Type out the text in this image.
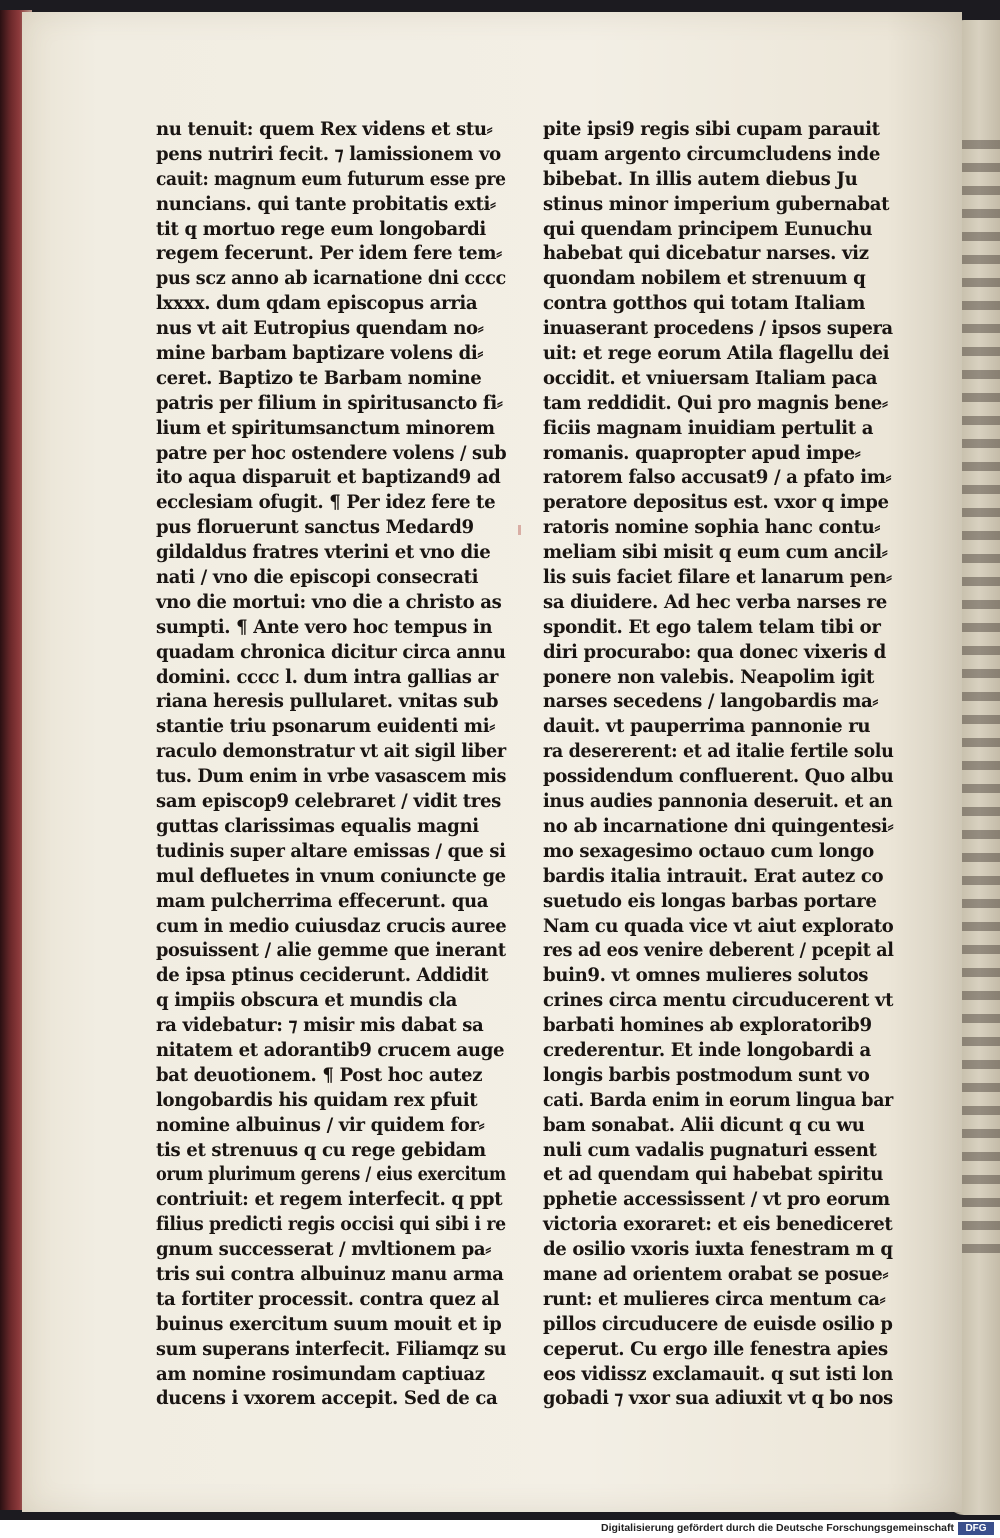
nu tenuit: quem Rex videns et stu⸗
pens nutriri fecit. ⁊ lamissionem vo
cauit: magnum eum futurum esse pre
nuncians. qui tante probitatis exti⸗
tit q mortuo rege eum longobardi
regem fecerunt. Per idem fere tem⸗
pus scz anno ab icarnatione dni cccc
lxxxx. dum qdam episcopus arria
nus vt ait Eutropius quendam no⸗
mine barbam baptizare volens di⸗
ceret. Baptizo te Barbam nomine
patris per filium in spiritusancto fi⸗
lium et spiritumsanctum minorem
patre per hoc ostendere volens / sub
ito aqua disparuit et baptizand9 ad
ecclesiam ofugit. ¶ Per idez fere te
pus floruerunt sanctus Medard9
gildaldus fratres vterini et vno die
nati / vno die episcopi consecrati
vno die mortui: vno die a christo as
sumpti. ¶ Ante vero hoc tempus in
quadam chronica dicitur circa annu
domini. cccc l. dum intra gallias ar
riana heresis pullularet. vnitas sub
stantie triu psonarum euidenti mi⸗
raculo demonstratur vt ait sigil liber
tus. Dum enim in vrbe vasascem mis
sam episcop9 celebraret / vidit tres
guttas clarissimas equalis magni
tudinis super altare emissas / que si
mul defluetes in vnum coniuncte ge
mam pulcherrima effecerunt. qua
cum in medio cuiusdaz crucis auree
posuissent / alie gemme que inerant
de ipsa ptinus ceciderunt. Addidit
q impiis obscura et mundis cla
ra videbatur: ⁊ misir mis dabat sa
nitatem et adorantib9 crucem auge
bat deuotionem. ¶ Post hoc autez
longobardis his quidam rex pfuit
nomine albuinus / vir quidem for⸗
tis et strenuus q cu rege gebidam
orum plurimum gerens / eius exercitum
contriuit: et regem interfecit. q ppt
filius predicti regis occisi qui sibi i re
gnum successerat / mvltionem pa⸗
tris sui contra albuinuz manu arma
ta fortiter processit. contra quez al
buinus exercitum suum mouit et ip
sum superans interfecit. Filiamqz su
am nomine rosimundam captiuaz
ducens i vxorem accepit. Sed de ca
pite ipsi9 regis sibi cupam parauit
quam argento circumcludens inde
bibebat. In illis autem diebus Ju
stinus minor imperium gubernabat
qui quendam principem Eunuchu
habebat qui dicebatur narses. viz
quondam nobilem et strenuum q
contra gotthos qui totam Italiam
inuaserant procedens / ipsos supera
uit: et rege eorum Atila flagellu dei
occidit. et vniuersam Italiam paca
tam reddidit. Qui pro magnis bene⸗
ficiis magnam inuidiam pertulit a
romanis. quapropter apud impe⸗
ratorem falso accusat9 / a pfato im⸗
peratore depositus est. vxor q impe
ratoris nomine sophia hanc contu⸗
meliam sibi misit q eum cum ancil⸗
lis suis faciet filare et lanarum pen⸗
sa diuidere. Ad hec verba narses re
spondit. Et ego talem telam tibi or
diri procurabo: qua donec vixeris d
ponere non valebis. Neapolim igit
narses secedens / langobardis ma⸗
dauit. vt pauperrima pannonie ru
ra desererent: et ad italie fertile solu
possidendum confluerent. Quo albu
inus audies pannonia deseruit. et an
no ab incarnatione dni quingentesi⸗
mo sexagesimo octauo cum longo
bardis italia intrauit. Erat autez co
suetudo eis longas barbas portare
Nam cu quada vice vt aiut explorato
res ad eos venire deberent / pcepit al
buin9. vt omnes mulieres solutos
crines circa mentu circuducerent vt
barbati homines ab exploratorib9
crederentur. Et inde longobardi a
longis barbis postmodum sunt vo
cati. Barda enim in eorum lingua bar
bam sonabat. Alii dicunt q cu wu
nuli cum vadalis pugnaturi essent
et ad quendam qui habebat spiritu
pphetie accessissent / vt pro eorum
victoria exoraret: et eis benediceret
de osilio vxoris iuxta fenestram m q
mane ad orientem orabat se posue⸗
runt: et mulieres circa mentum ca⸗
pillos circuducere de euisde osilio p
ceperut. Cu ergo ille fenestra apies
eos vidissz exclamauit. q sut isti lon
gobadi ⁊ vxor sua adiuxit vt q bo nos
Digitalisierung gefördert durch die Deutsche Forschungsgemeinschaft	DFG
